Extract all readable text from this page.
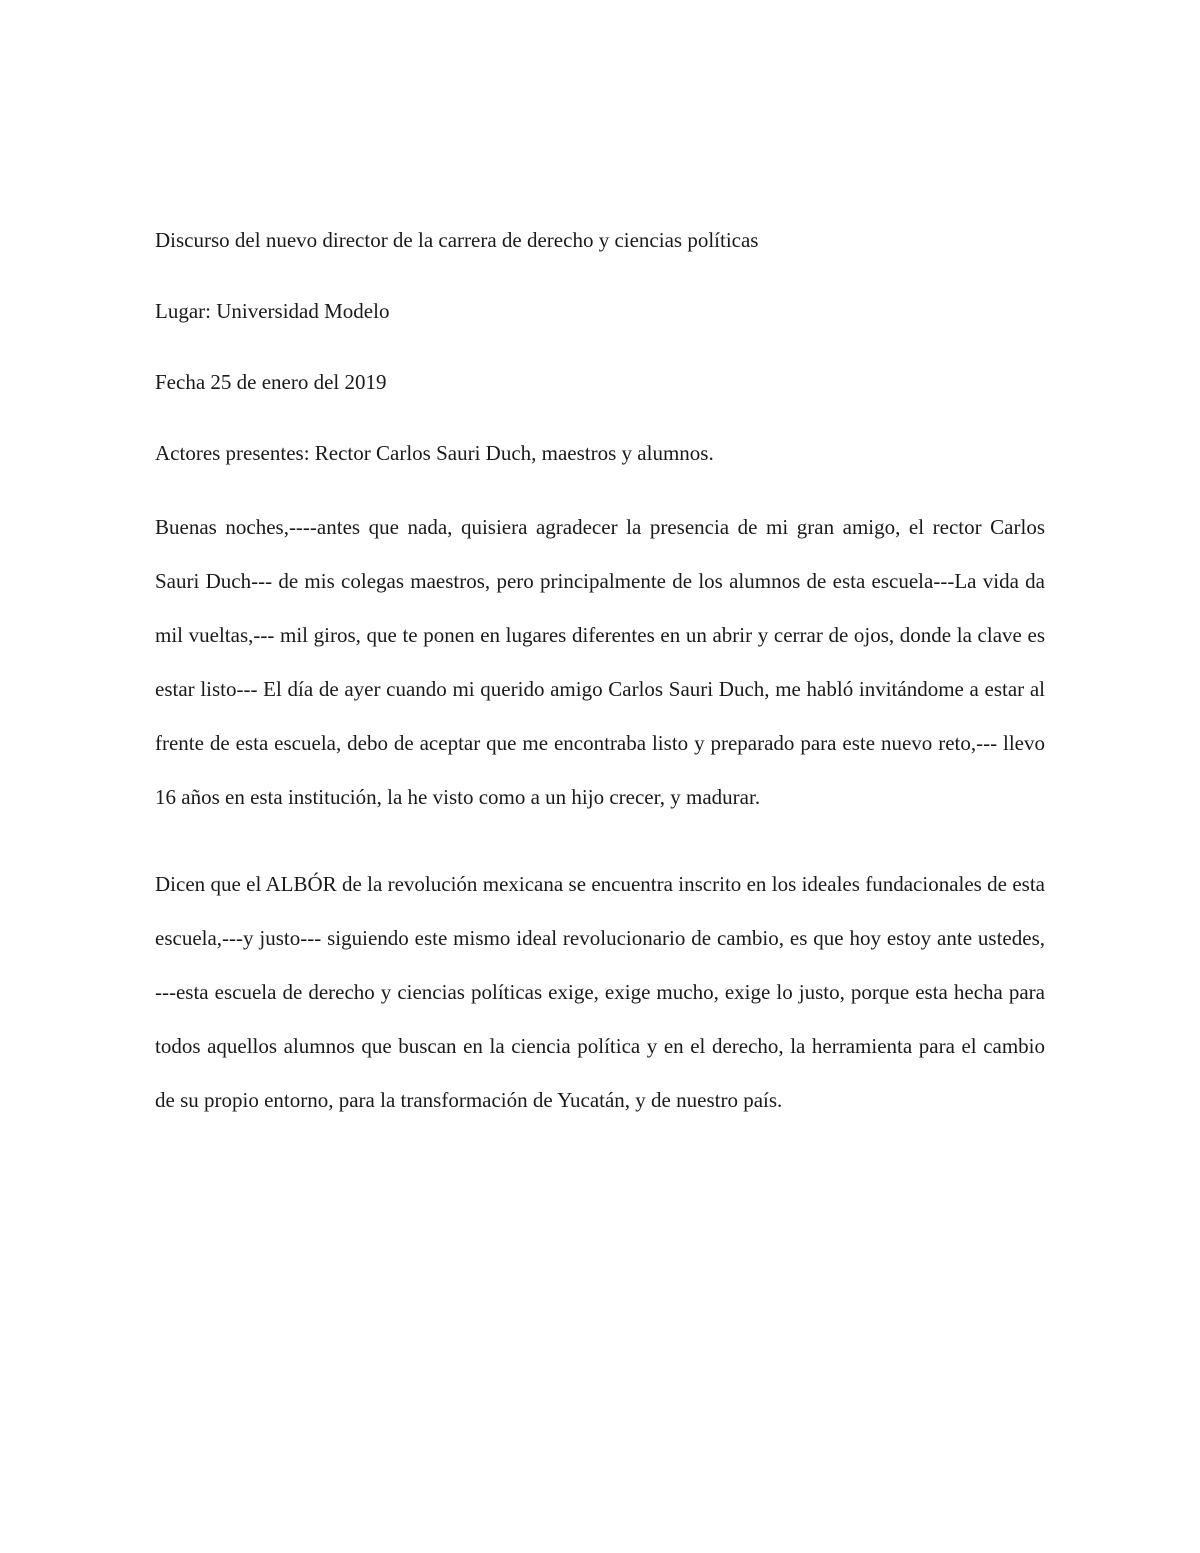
Discurso del nuevo director de la carrera de derecho y ciencias políticas

Lugar: Universidad Modelo

Fecha 25 de enero del 2019

Actores presentes: Rector Carlos Sauri Duch, maestros y alumnos.

Buenas noches,----antes que nada, quisiera agradecer la presencia de mi gran amigo, el rector Carlos Sauri Duch--- de mis colegas maestros, pero principalmente de los alumnos de esta escuela---La vida da mil vueltas,--- mil giros, que te ponen en lugares diferentes en un abrir y cerrar de ojos, donde la clave es estar listo--- El día de ayer cuando mi querido amigo Carlos Sauri Duch, me habló invitándome a estar al frente de esta escuela, debo de aceptar que me encontraba listo y preparado para este nuevo reto,--- llevo 16 años en esta institución, la he visto como a un hijo crecer, y madurar.

Dicen que el ALBÓR de la revolución mexicana se encuentra inscrito en los ideales fundacionales de esta escuela,---y justo--- siguiendo este mismo ideal revolucionario de cambio, es que hoy estoy ante ustedes, ---esta escuela de derecho y ciencias políticas exige, exige mucho, exige lo justo, porque esta hecha para todos aquellos alumnos que buscan en la ciencia política y en el derecho, la herramienta para el cambio de su propio entorno, para la transformación de Yucatán, y de nuestro país.
